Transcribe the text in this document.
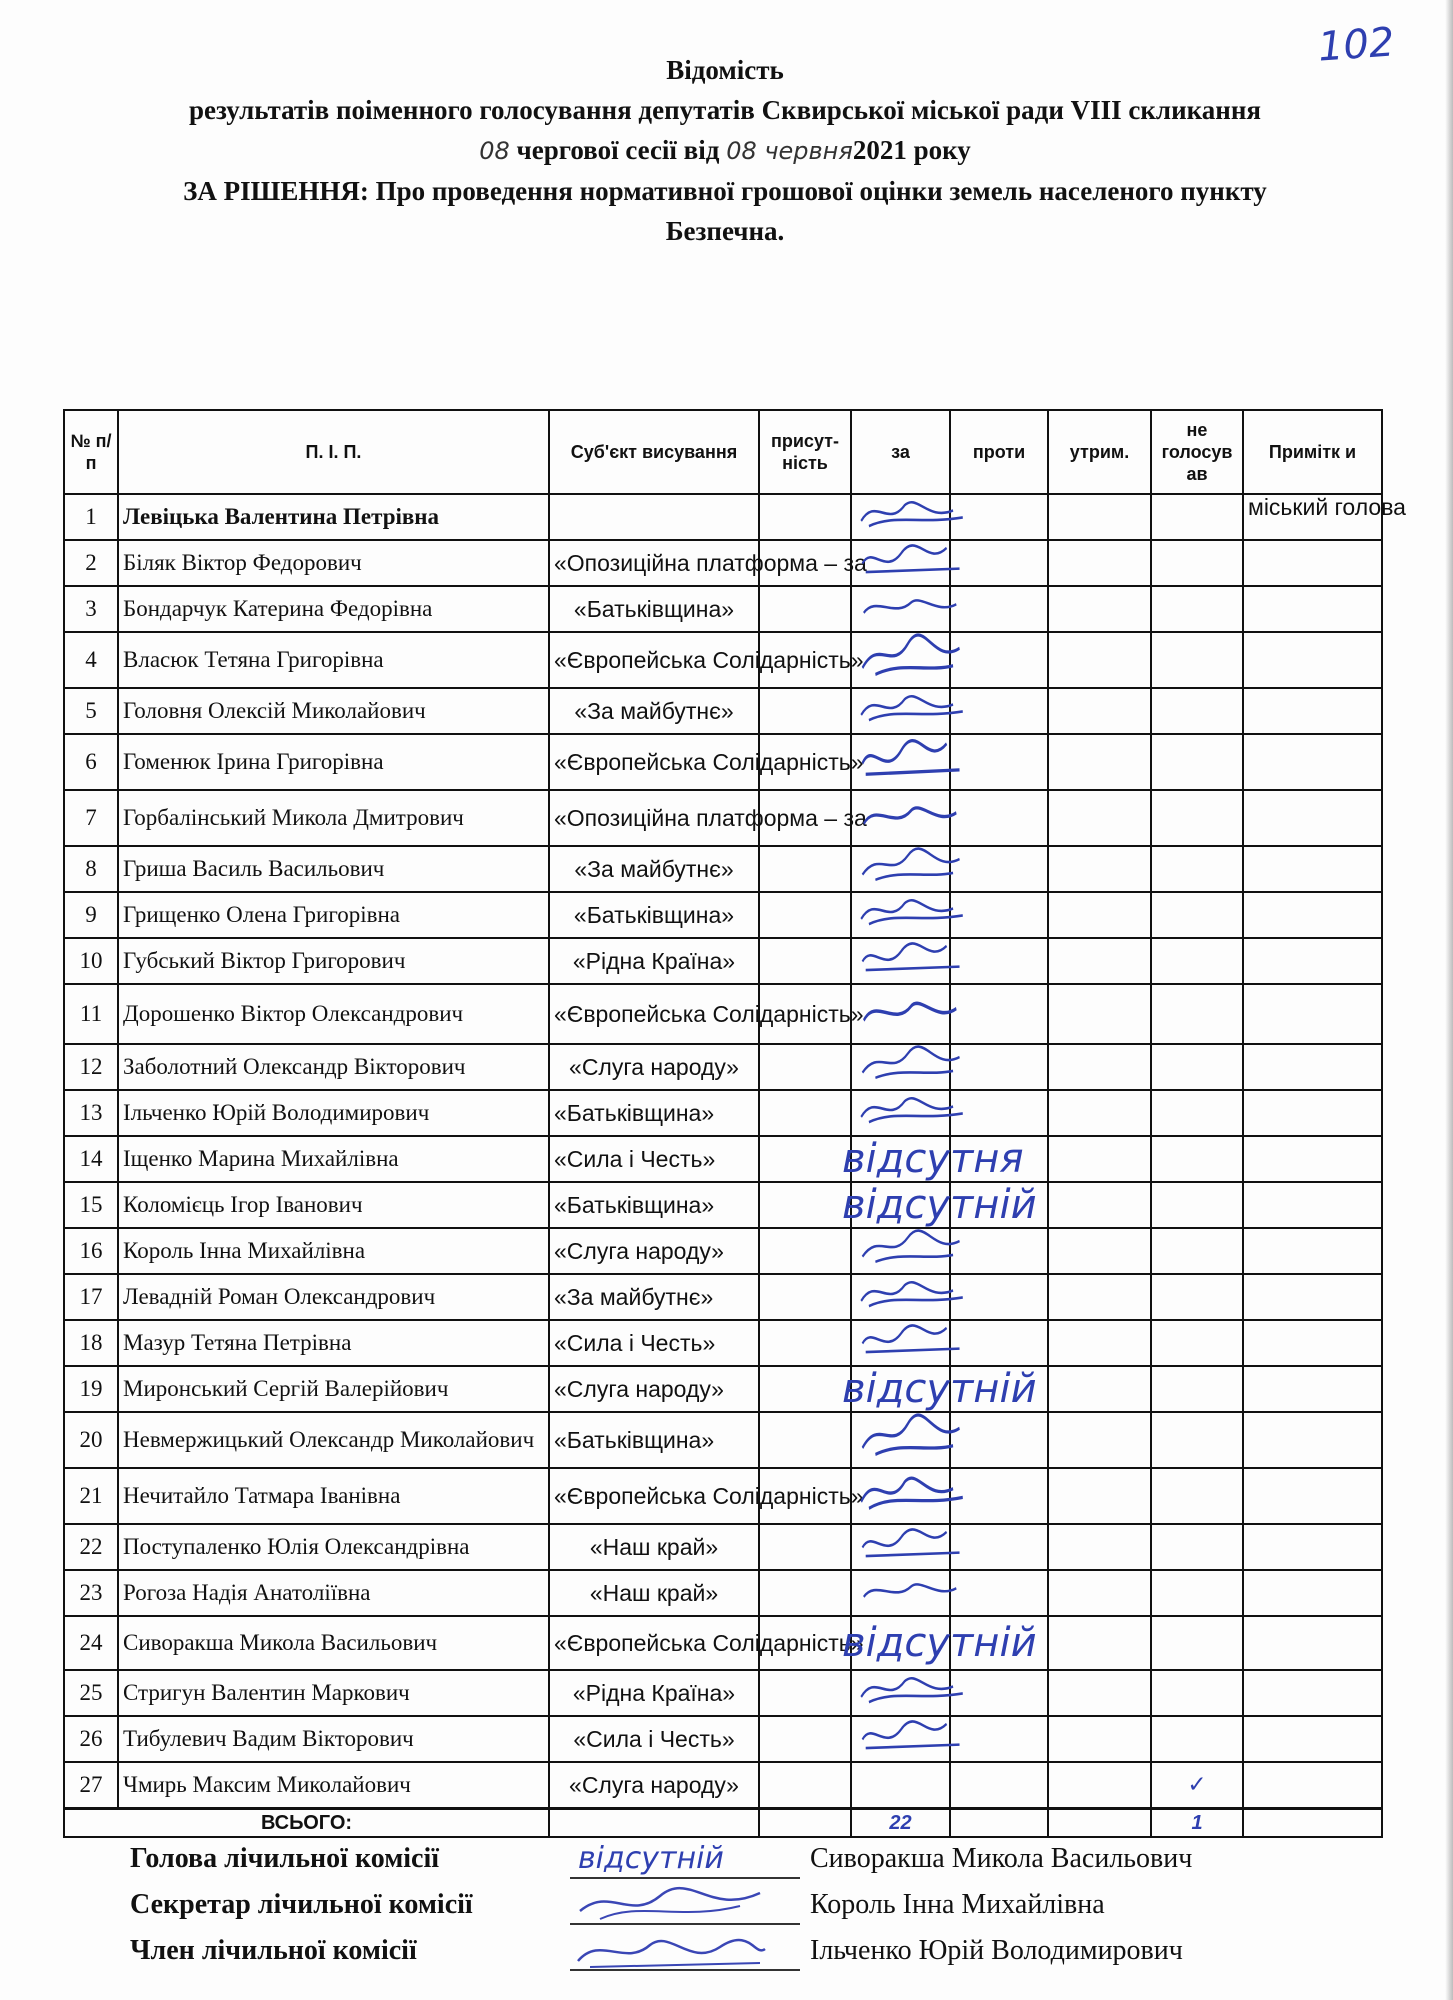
102
Відомість
результатів поіменного голосування депутатів Сквирської міської ради VIII скликання
08 чергової сесії від 08 червня2021 року
ЗА РІШЕННЯ: Про проведення нормативної грошової оцінки земель населеного пункту
Безпечна.
№ п/п	П. І. П.	Суб'єкт висування	присут-ність	за	проти	утрим.	не голосув ав	Примітк и
1	Левіцька Валентина Петрівна							міський голова
2	Біляк Віктор Федорович	«Опозиційна платформа – за						
3	Бондарчук Катерина Федорівна	«Батьківщина»						
4	Власюк Тетяна Григорівна	«Європейська Солідарність»						
5	Головня Олексій Миколайович	«За майбутнє»						
6	Гоменюк Ірина Григорівна	«Європейська Солідарність»						
7	Горбалінський Микола Дмитрович	«Опозиційна платформа – за						
8	Гриша Василь Васильович	«За майбутнє»						
9	Грищенко Олена Григорівна	«Батьківщина»						
10	Губський Віктор Григорович	«Рідна Країна»						
11	Дорошенко Віктор Олександрович	«Європейська Солідарність»						
12	Заболотний Олександр Вікторович	«Слуга народу»						
13	Ільченко Юрій Володимирович	«Батьківщина»						
14	Іщенко Марина Михайлівна	«Сила і Честь»		відсутня				
15	Коломієць Ігор Іванович	«Батьківщина»		відсутній				
16	Король Інна Михайлівна	«Слуга народу»						
17	Левадній Роман Олександрович	«За майбутнє»						
18	Мазур Тетяна Петрівна	«Сила і Честь»						
19	Миронський Сергій Валерійович	«Слуга народу»		відсутній				
20	Невмержицький Олександр Миколайович	«Батьківщина»						
21	Нечитайло Татмара Іванівна	«Європейська Солідарність»						
22	Поступаленко Юлія Олександрівна	«Наш край»						
23	Рогоза Надія Анатоліївна	«Наш край»						
24	Сиворакша Микола Васильович	«Європейська Солідарність»		відсутній				
25	Стригун Валентин Маркович	«Рідна Країна»						
26	Тибулевич Вадим Вікторович	«Сила і Честь»						
27	Чмирь Максим Миколайович	«Слуга народу»					✓	
ВСЬОГО:				22			1	
Голова лічильної комісії	відсутній	Сиворакша Микола Васильович
Секретар лічильної комісії	Король Інна Михайлівна
Член лічильної комісії	Ільченко Юрій Володимирович
